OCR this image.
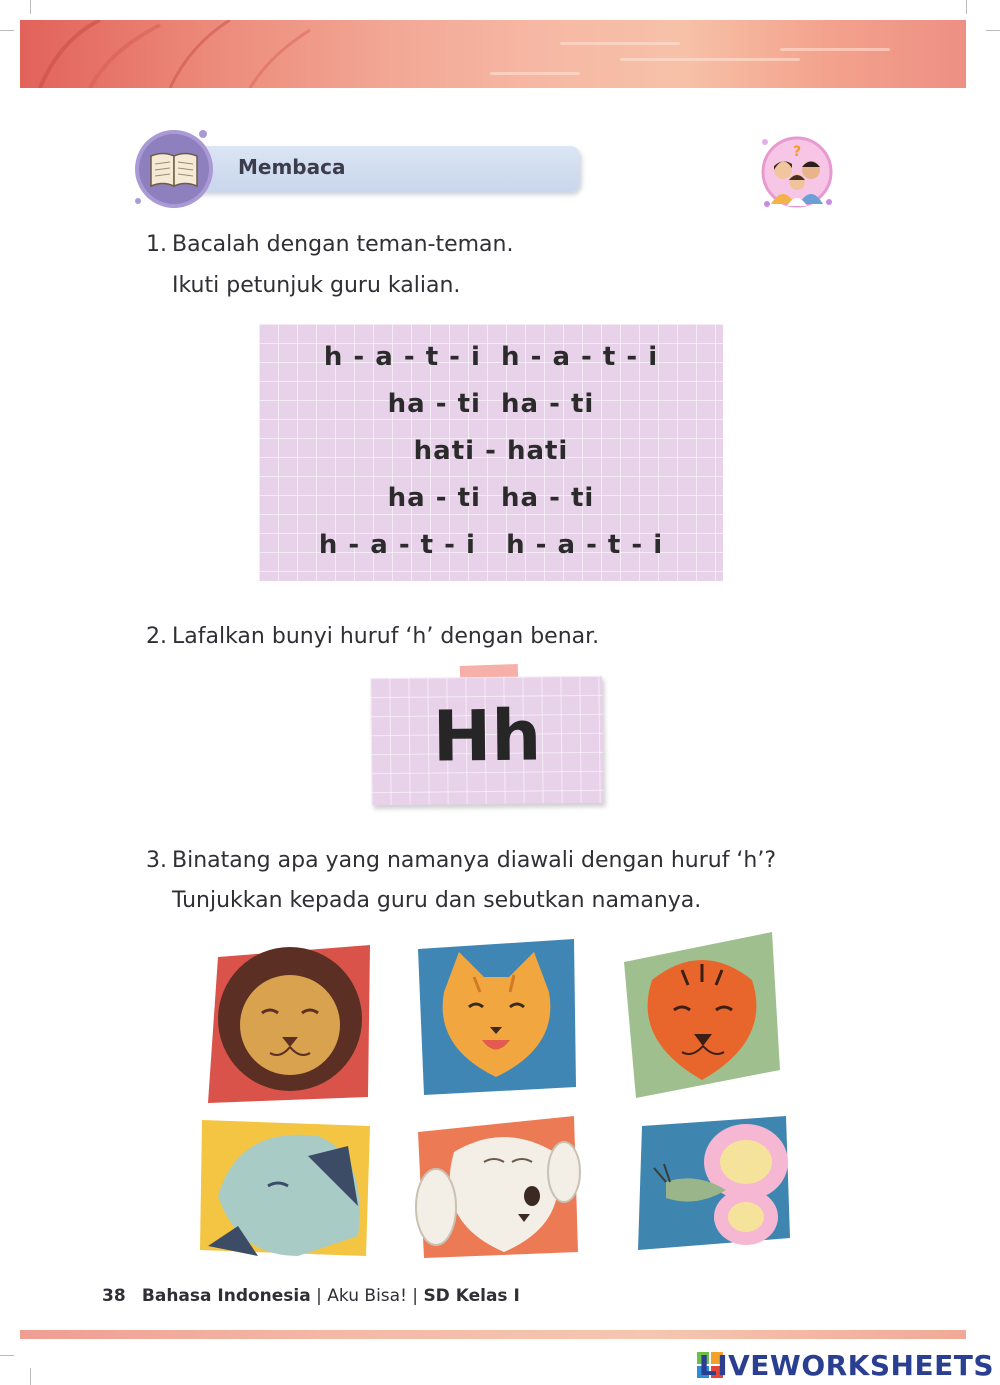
Membaca
?
1. Bacalah dengan teman-teman.
Ikuti petunjuk guru kalian.
h - a - t - i  h - a - t - i
ha - ti  ha - ti
hati - hati
ha - ti  ha - ti
h - a - t - i   h - a - t - i
2. Lafalkan bunyi huruf ‘h’ dengan benar.
Hh
3. Binatang apa yang namanya diawali dengan huruf ‘h’?
Tunjukkan kepada guru dan sebutkan namanya.
38 Bahasa Indonesia | Aku Bisa! | SD Kelas I
LIVEWORKSHEETS
